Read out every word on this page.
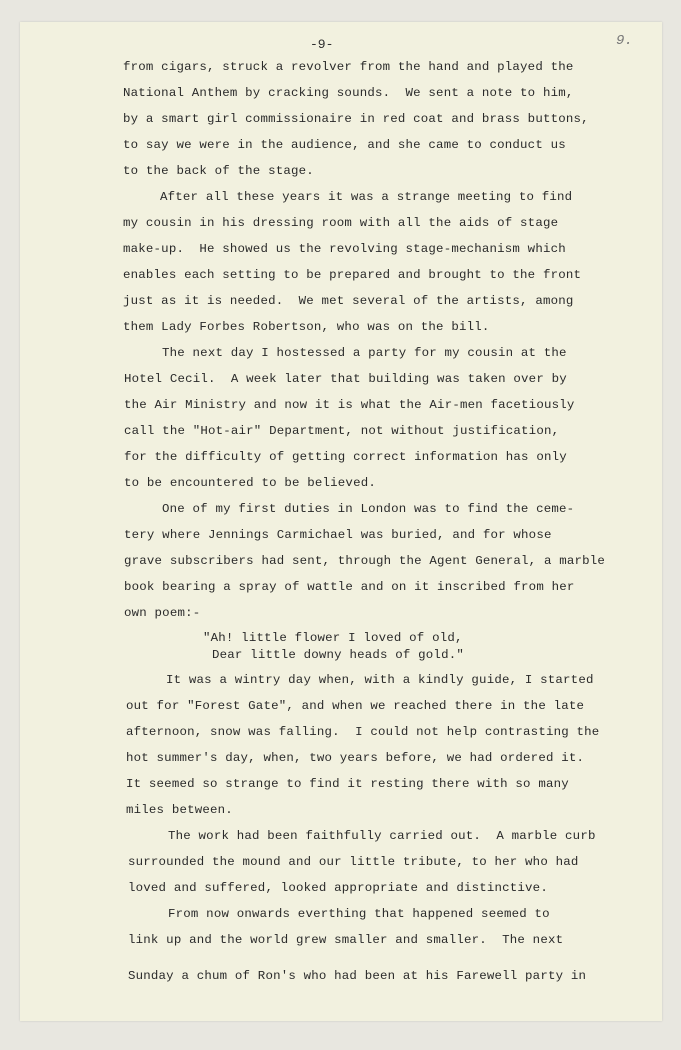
-9-	9.
from cigars, struck a revolver from the hand and played the
National Anthem by cracking sounds.  We sent a note to him,
by a smart girl commissionaire in red coat and brass buttons,
to say we were in the audience, and she came to conduct us
to the back of the stage.
After all these years it was a strange meeting to find
my cousin in his dressing room with all the aids of stage
make-up.  He showed us the revolving stage-mechanism which
enables each setting to be prepared and brought to the front
just as it is needed.  We met several of the artists, among
them Lady Forbes Robertson, who was on the bill.
The next day I hostessed a party for my cousin at the
Hotel Cecil.  A week later that building was taken over by
the Air Ministry and now it is what the Air-men facetiously
call the "Hot-air" Department, not without justification,
for the difficulty of getting correct information has only
to be encountered to be believed.
One of my first duties in London was to find the ceme-
tery where Jennings Carmichael was buried, and for whose
grave subscribers had sent, through the Agent General, a marble
book bearing a spray of wattle and on it inscribed from her
own poem:-
"Ah! little flower I loved of old,
Dear little downy heads of gold."
It was a wintry day when, with a kindly guide, I started
out for "Forest Gate", and when we reached there in the late
afternoon, snow was falling.  I could not help contrasting the
hot summer's day, when, two years before, we had ordered it.
It seemed so strange to find it resting there with so many
miles between.
The work had been faithfully carried out.  A marble curb
surrounded the mound and our little tribute, to her who had
loved and suffered, looked appropriate and distinctive.
From now onwards everthing that happened seemed to
link up and the world grew smaller and smaller.  The next
Sunday a chum of Ron's who had been at his Farewell party in
